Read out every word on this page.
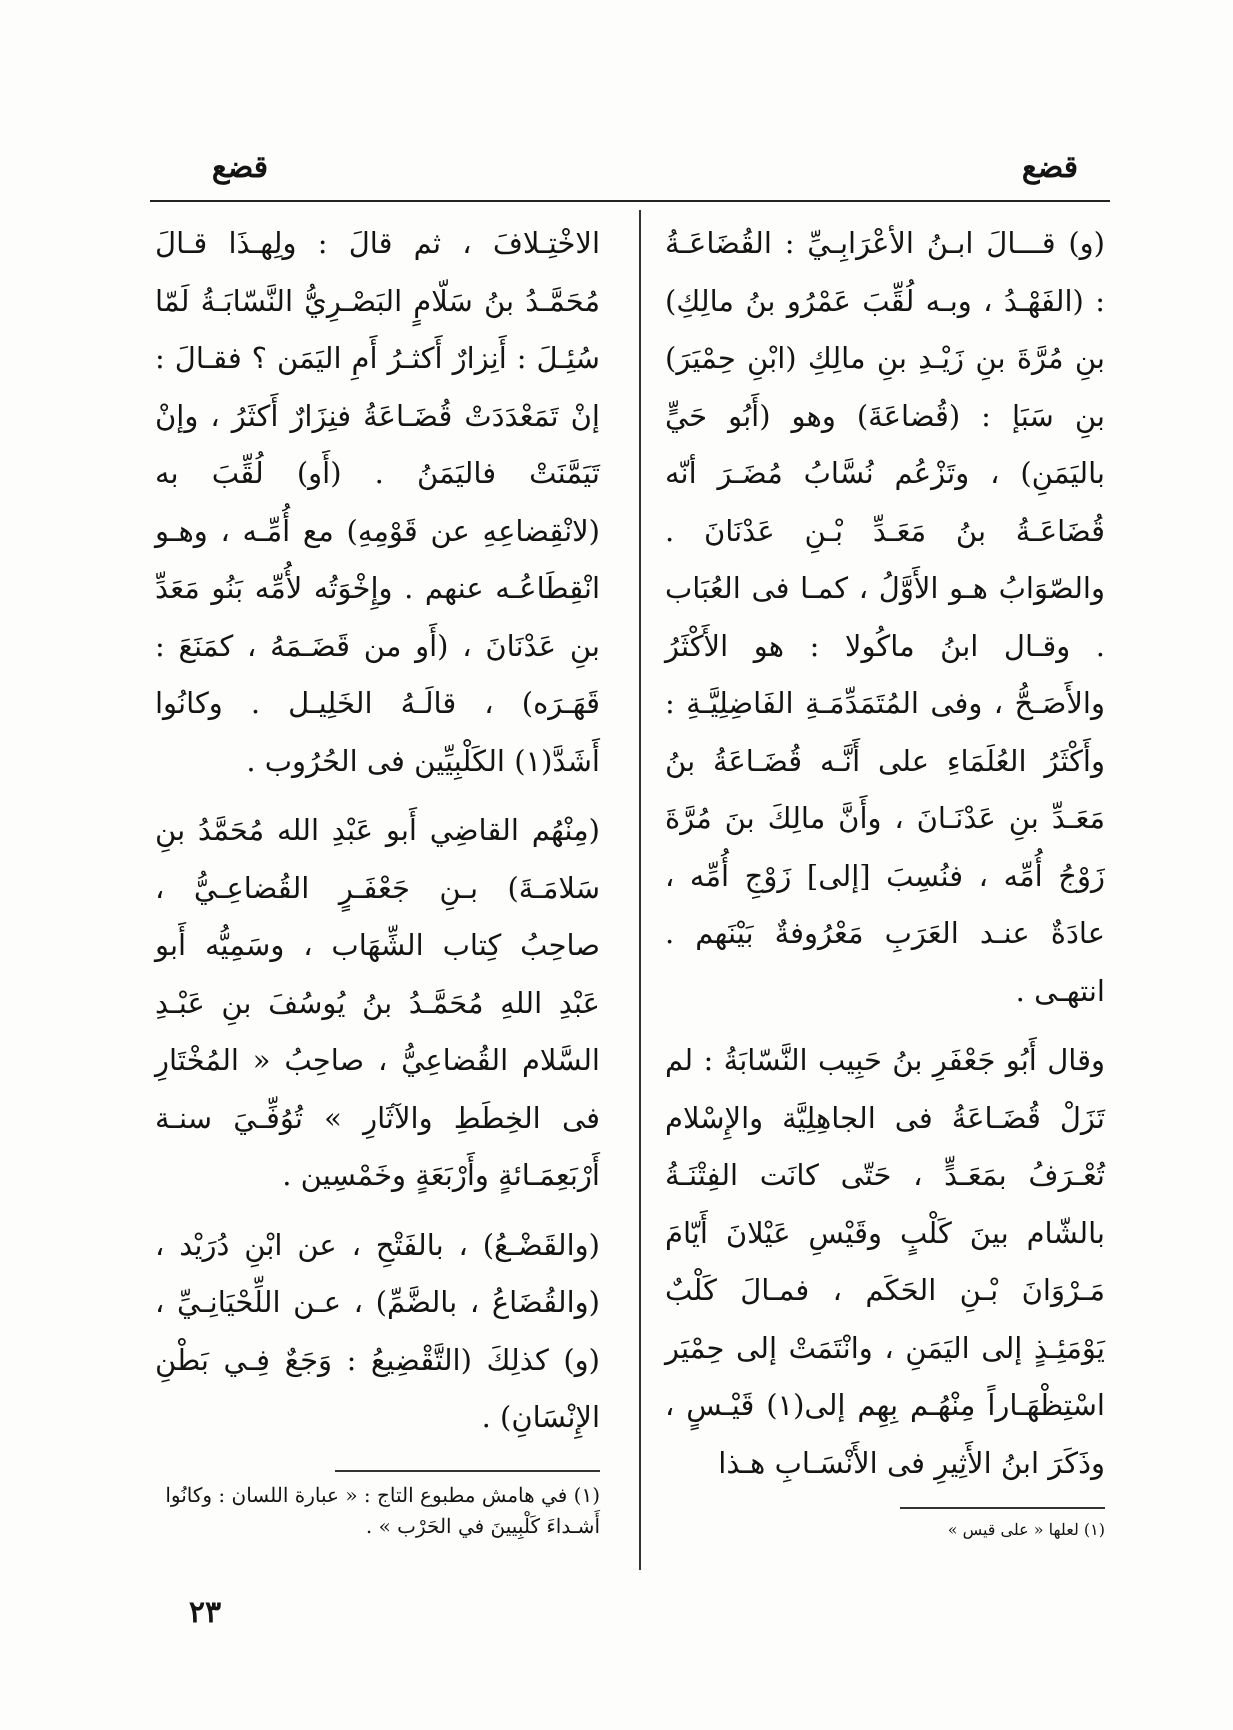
قضع
قضع

(و) قـــالَ ابـنُ الأعْرَابِـيِّ : القُضَاعَـةُ : (الفَهْـدُ ، وبـه لُقِّبَ عَمْرُو بنُ مالِكِ) بنِ مُرَّةَ بنِ زَيْـدِ بنِ مالِكِ (ابْنِ حِمْيَرَ) بنِ سَبَإ : (قُضاعَةَ) وهو (أَبُو حَيٍّ باليَمَنِ) ، وتَزْعُم نُسَّابُ مُضَـرَ أنّه قُضَاعَـةُ بنُ مَعَـدِّ بْـنِ عَدْنَانَ . والصّوَابُ هـو الأَوَّلُ ، كمـا فى العُبَاب . وقـال ابنُ ماكُولا : هو الأَكْثَرُ والأَصَـحُّ ، وفى المُتَمَدِّمَـةِ الفَاضِلِيَّـةِ : وأَكْثَرُ العُلَمَاءِ على أَنَّـه قُضَـاعَةُ بنُ مَعَـدِّ بنِ عَدْنَـانَ ، وأَنَّ مالِكَ بنَ مُرَّةَ زَوْجُ أُمِّه ، فنُسِبَ [إلى] زَوْجِ أُمِّه ، عادَةٌ عنـد العَرَبِ مَعْرُوفةٌ بَيْنَهم . انتهـى .

وقال أَبُو جَعْفَرِ بنُ حَبِيب النَّسّابَةُ : لم تَزَلْ قُضَـاعَةُ فى الجاهِلِيَّة والإِسْلام تُعْـرَفُ بمَعَـدٍّ ، حَتّى كانَت الفِتْنَـةُ بالشّام بينَ كَلْبٍ وقَيْسِ عَيْلانَ أَيّامَ مَـرْوَانَ بْـنِ الحَكَم ، فمـالَ كَلْبٌ يَوْمَئِـذٍ إلى اليَمَنِ ، وانْتَمَتْ إلى حِمْيَر اسْتِظْهَـاراً مِنْهُـم بِهِم إلى(١) قَيْـسٍ ، وذَكَرَ ابنُ الأَثِيرِ فى الأَنْسَـابِ هـذا

الاخْتِـلافَ ، ثم قالَ : ولِهـذَا قـالَ مُحَمَّـدُ بنُ سَلّامٍ البَصْـرِيُّ النَّسّابَـةُ لَمّا سُئِـلَ : أَنِزارٌ أَكثـرُ أَمِ اليَمَن ؟ فقـالَ : إنْ تَمَعْدَدَتْ قُضَـاعَةُ فنِزَارٌ أَكثَرُ ، وإنْ تَيَمَّنَتْ فاليَمَنُ . (أَو) لُقِّبَ به (لانْقِضاعِهِ عن قَوْمِهِ) مع أُمِّـه ، وهـو انْقِطَاعُـه عنهم . وإِخْوَتُه لأُمِّه بَنُو مَعَدِّ بنِ عَدْنَانَ ، (أَو من قَضَـمَهُ ، كمَنَعَ : قَهَـرَه) ، قالَـهُ الخَلِيـل . وكانُوا أَشَدَّ(١) الكَلْبِيِّين فى الحُرُوب .

(مِنْهُم القاضِي أَبو عَبْدِ الله مُحَمَّدُ بنِ سَلامَـةَ) بـنِ جَعْفَـرٍ القُضاعِـيُّ ، صاحِبُ كِتاب الشِّهَاب ، وسَمِيُّه أَبو عَبْدِ اللهِ مُحَمَّـدُ بنُ يُوسُفَ بنِ عَبْـدِ السَّلام القُضاعِيُّ ، صاحِبُ « المُخْتَارِ فى الخِطَطِ والآثَارِ » تُوُفِّـيَ سنـة أَرْبَعِمَـائةٍ وأَرْبَعَةٍ وخَمْسِين .

(والقَضْـعُ) ، بالفَتْحِ ، عن ابْنِ دُرَيْد ، (والقُضَاعُ ، بالضَّمِّ) ، عـن اللِّحْيَانِـيِّ ، (و) كذلِكَ (التَّقْضِيعُ : وَجَعٌ فِـي بَطْنِ الإِنْسَانِ) .

(١) في هامش مطبوع التاج : « عبارة اللسان : وكانُوا أَشـداءَ كَلْبِيينَ في الحَرْب » .	(١) لعلها « على قيس »
٢٣
